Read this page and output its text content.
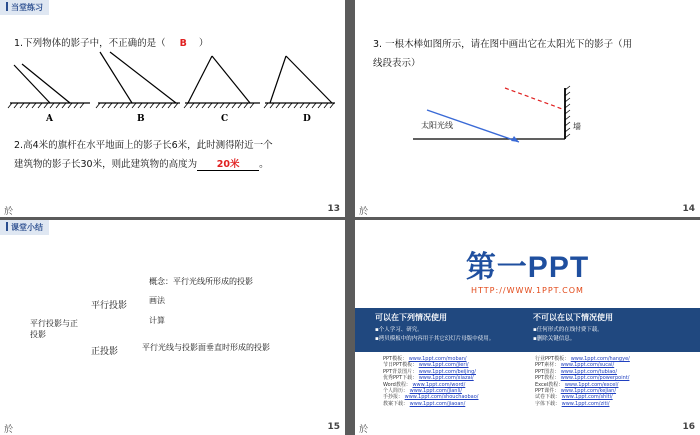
当堂练习
1.下列物体的影子中，不正确的是（ B ）
A	B	C	D
2.高4米的旗杆在水平地面上的影子长6米，此时测得附近一个
建筑物的影子长30米，则此建筑物的高度为 20米 。
於	13
3. 一根木棒如图所示，请在图中画出它在太阳光下的影子（用
线段表示）
太阳光线	墙
於	14
课堂小结
平行投影与正投影
平行投影
概念：平行光线所形成的投影
画法
计算
正投影	平行光线与投影面垂直时形成的投影
於	15
第一PPT
HTTP://WWW.1PPT.COM
可以在下列情况使用
▪个人学习、研究。
▪拷贝模板中的内容用于其它幻灯片母版中使用。
不可以在以下情况使用
▪任何形式的在线付费下载。
▪删除关键信息。
PPT模板： www.1ppt.com/moban/
节日PPT模板： www.1ppt.com/jieri/
PPT背景图片： www.1ppt.com/beijing/
优秀PPT下载： www.1ppt.com/xiazai/
Word教程： www.1ppt.com/word/
个人简历： www.1ppt.com/jianli/
手抄报： www.1ppt.com/shouchaobao/
教案下载： www.1ppt.com/jiaoan/
行业PPT模板： www.1ppt.com/hangye/
PPT素材： www.1ppt.com/sucai/
PPT图表： www.1ppt.com/tubiao/
PPT教程： www.1ppt.com/powerpoint/
Excel教程： www.1ppt.com/excel/
PPT课件： www.1ppt.com/kejian/
试卷下载： www.1ppt.com/shiti/
字体下载： www.1ppt.com/ziti/
於	16
